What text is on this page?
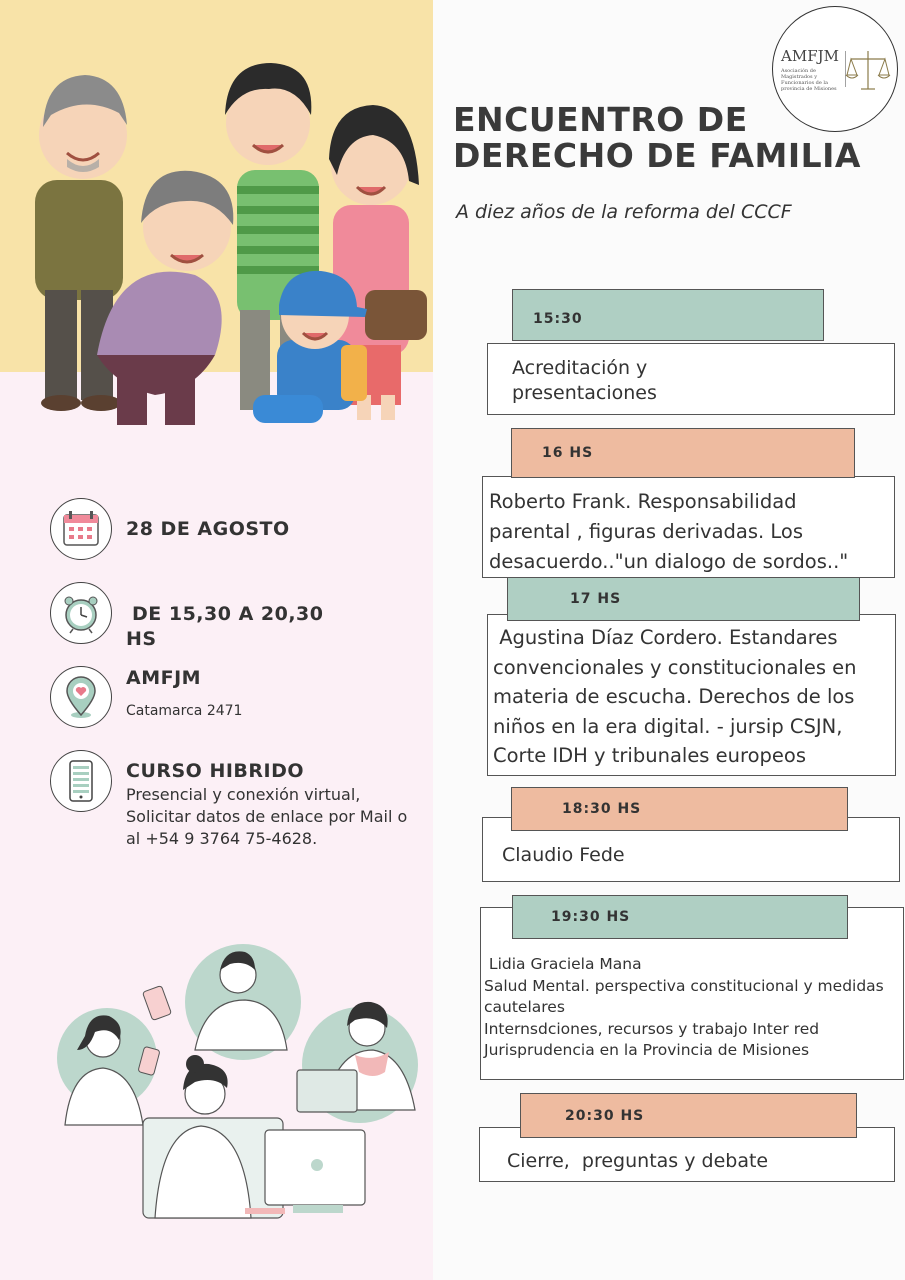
AMFJM
Asociación de Magistrados y Funcionarios de la provincia de Misiones
ENCUENTRO DE
DERECHO DE FAMILIA
A diez años de la reforma del CCCF
28 DE AGOSTO
DE 15,30 A 20,30
HS
AMFJM
Catamarca 2471
CURSO HIBRIDO
Presencial y conexión virtual,
Solicitar datos de enlace por Mail o
al +54 9 3764 75-4628.
Acreditación y
presentaciones
15:30
Roberto Frank. Responsabilidad
parental , figuras derivadas. Los
desacuerdo.."un dialogo de sordos.."
16 HS
Agustina Díaz Cordero. Estandares
convencionales y constitucionales en
materia de escucha. Derechos de los
niños en la era digital. - jursip CSJN,
Corte IDH y tribunales europeos
17 HS
Claudio Fede
18:30 HS
Lidia Graciela Mana
Salud Mental. perspectiva constitucional y medidas
cautelares
Internsdciones, recursos y trabajo Inter red
Jurisprudencia en la Provincia de Misiones
19:30 HS
Cierre,  preguntas y debate
20:30 HS
